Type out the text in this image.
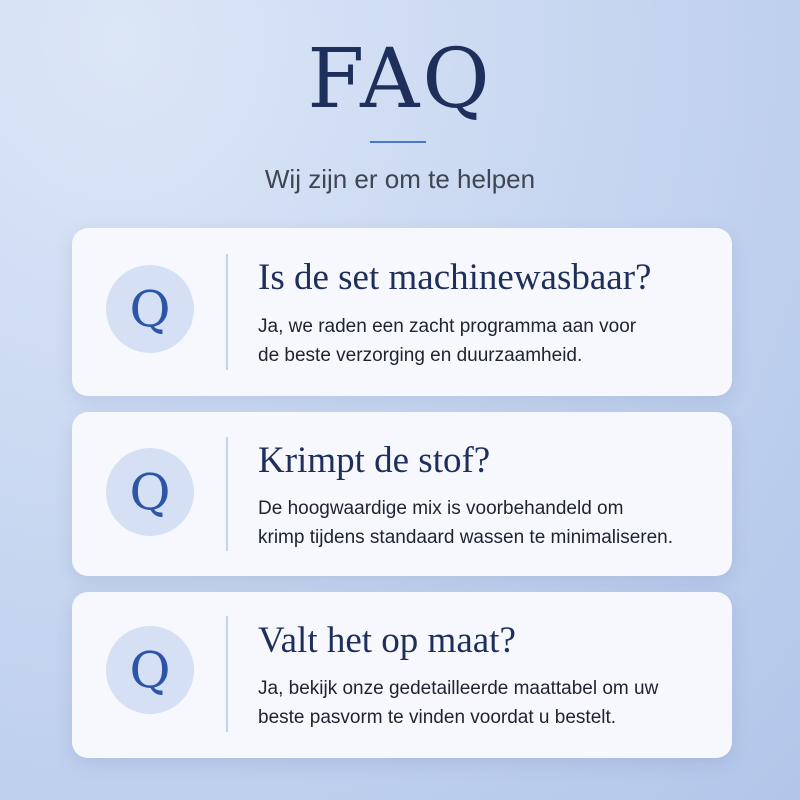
FAQ
Wij zijn er om te helpen
Q
Is de set machinewasbaar?
Ja, we raden een zacht programma aan voor
de beste verzorging en duurzaamheid.
Q
Krimpt de stof?
De hoogwaardige mix is voorbehandeld om
krimp tijdens standaard wassen te minimaliseren.
Q
Valt het op maat?
Ja, bekijk onze gedetailleerde maattabel om uw
beste pasvorm te vinden voordat u bestelt.
